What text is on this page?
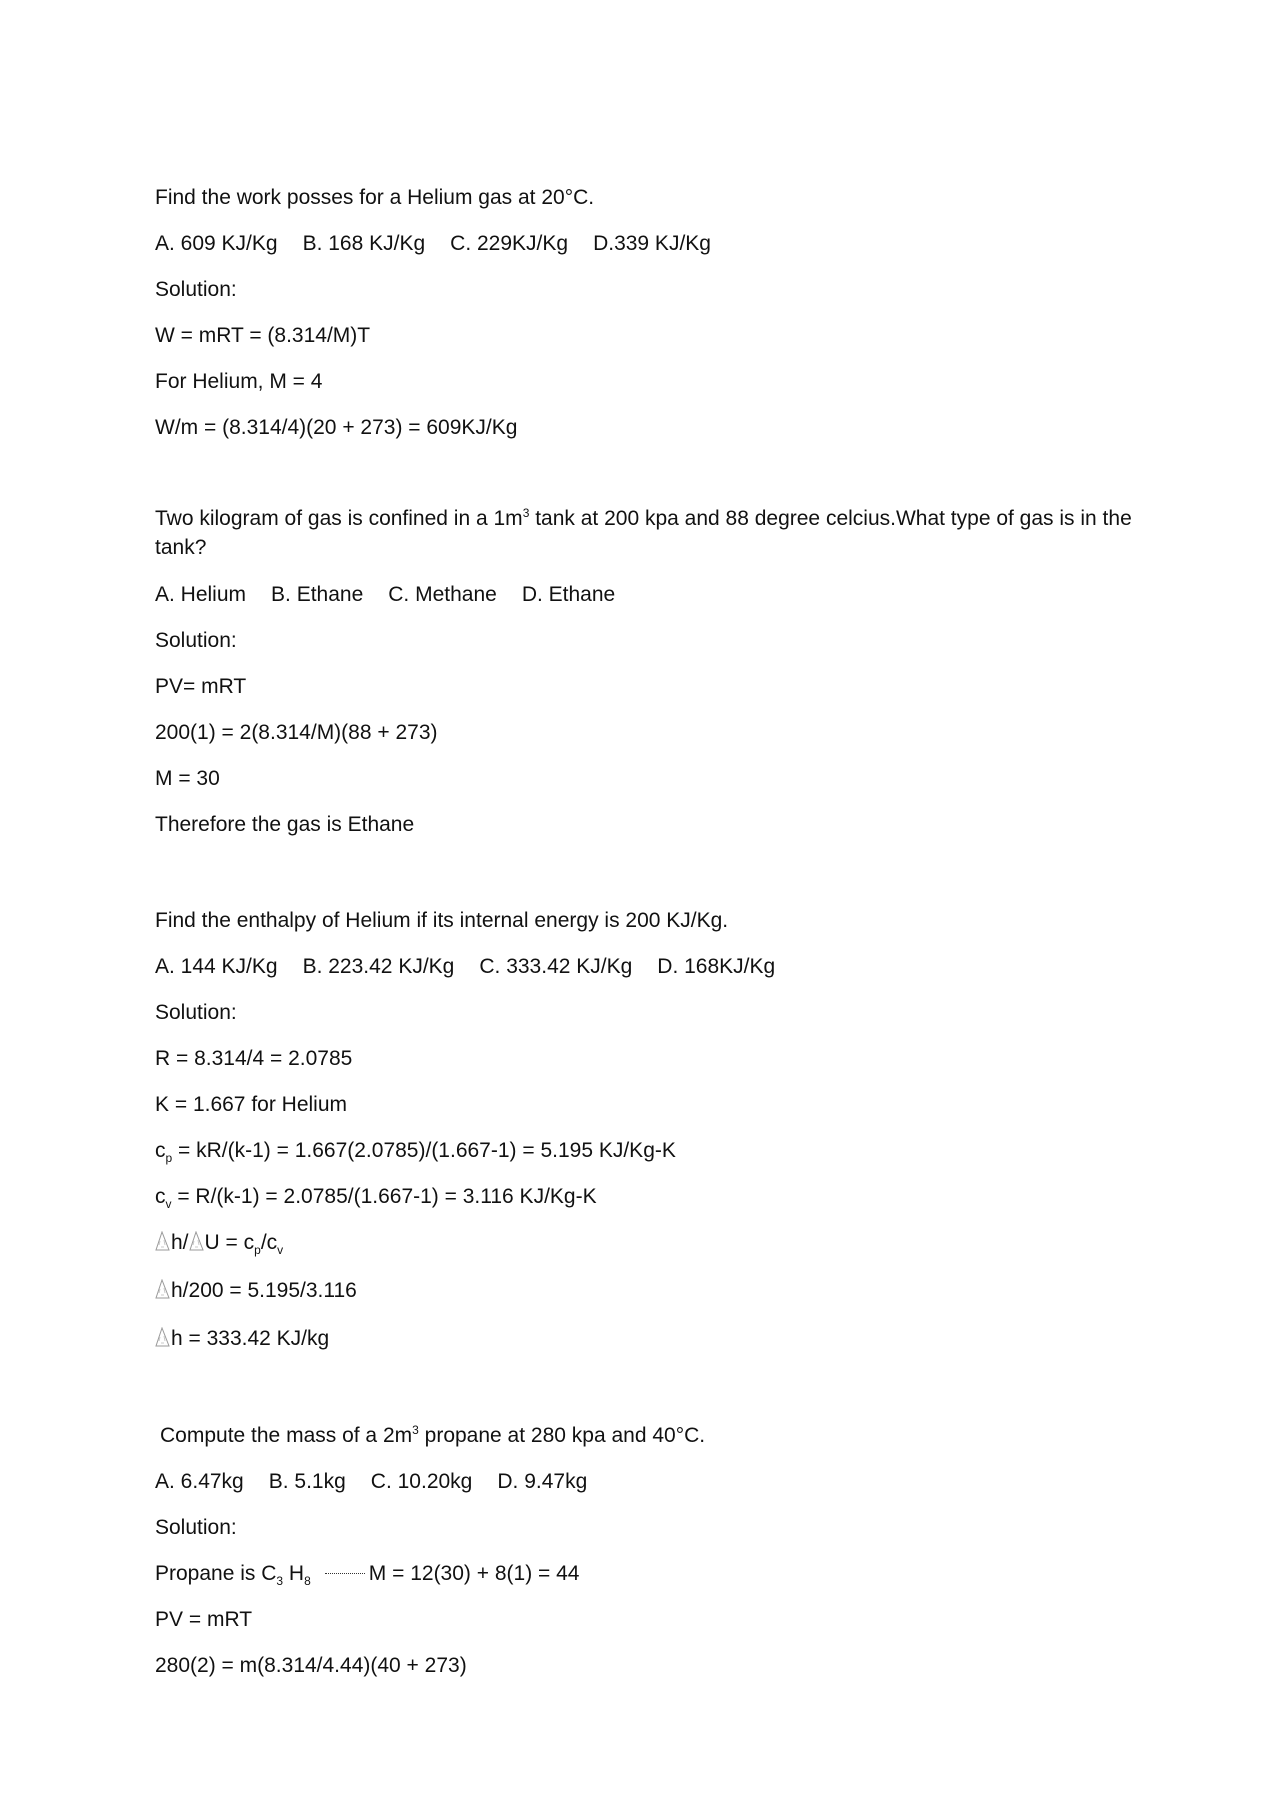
Find the work posses for a Helium gas at 20°C.
A. 609 KJ/Kg B. 168 KJ/Kg C. 229KJ/Kg D.339 KJ/Kg
Solution:
W = mRT = (8.314/M)T
For Helium, M = 4
W/m = (8.314/4)(20 + 273) = 609KJ/Kg
Two kilogram of gas is confined in a $1m^3$ tank at 200 kpa and 88 degree celcius.What type of gas is in the tank?
A. Helium B. Ethane C. Methane D. Ethane
Solution:
PV= mRT
200(1) = 2(8.314/M)(88 + 273)
M = 30
Therefore the gas is Ethane
Find the enthalpy of Helium if its internal energy is 200 KJ/Kg.
A. 144 KJ/Kg B. 223.42 KJ/Kg C. 333.42 KJ/Kg D. 168KJ/Kg
Solution:
R = 8.314/4 = 2.0785
K = 1.667 for Helium
$c_p = kR/(k-1) = 1.667(2.0785)/(1.667-1) = 5.195$ KJ/Kg-K
$c_v = R/(k-1) = 2.0785/(1.667-1) = 3.116$ KJ/Kg-K
h/ $U = c_p/c_v$
h/200 = 5.195/3.116
h = 333.42 KJ/kg
Compute the mass of a $2m^3$ propane at 280 kpa and 40°C.
A. 6.47kg B. 5.1kg C. 10.20kg D. 9.47kg
Solution:
Propane is $C_3$ $H_8$	M = 12(30) + 8(1) = 44
PV = mRT
280(2) = m(8.314/4.44)(40 + 273)
